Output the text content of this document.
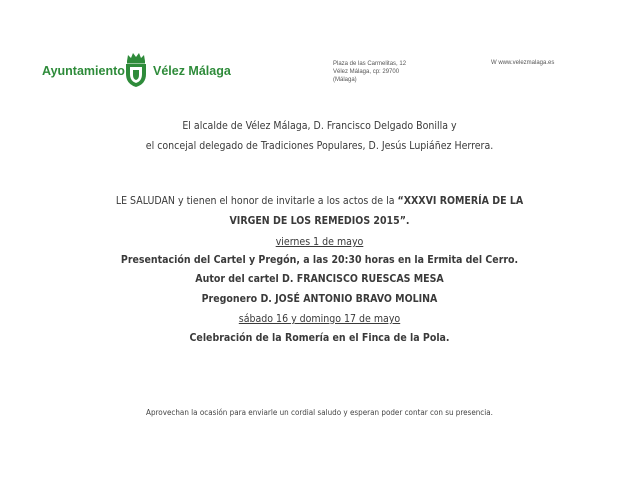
Ayuntamiento Vélez Málaga	Plaza de las Carmelitas, 12
Vélez Málaga, cp: 29700
(Málaga)
W www.velezmalaga.es
El alcalde de Vélez Málaga, D. Francisco Delgado Bonilla y
el concejal delegado de Tradiciones Populares, D. Jesús Lupiáñez Herrera.
LE SALUDAN y tienen el honor de invitarle a los actos de la “XXXVI ROMERÍA DE LA
VIRGEN DE LOS REMEDIOS 2015”.
viernes 1 de mayo
Presentación del Cartel y Pregón, a las 20:30 horas en la Ermita del Cerro.
Autor del cartel D. FRANCISCO RUESCAS MESA
Pregonero D. JOSÉ ANTONIO BRAVO MOLINA
sábado 16 y domingo 17 de mayo
Celebración de la Romería en el Finca de la Pola.
Aprovechan la ocasión para enviarle un cordial saludo y esperan poder contar con su presencia.
